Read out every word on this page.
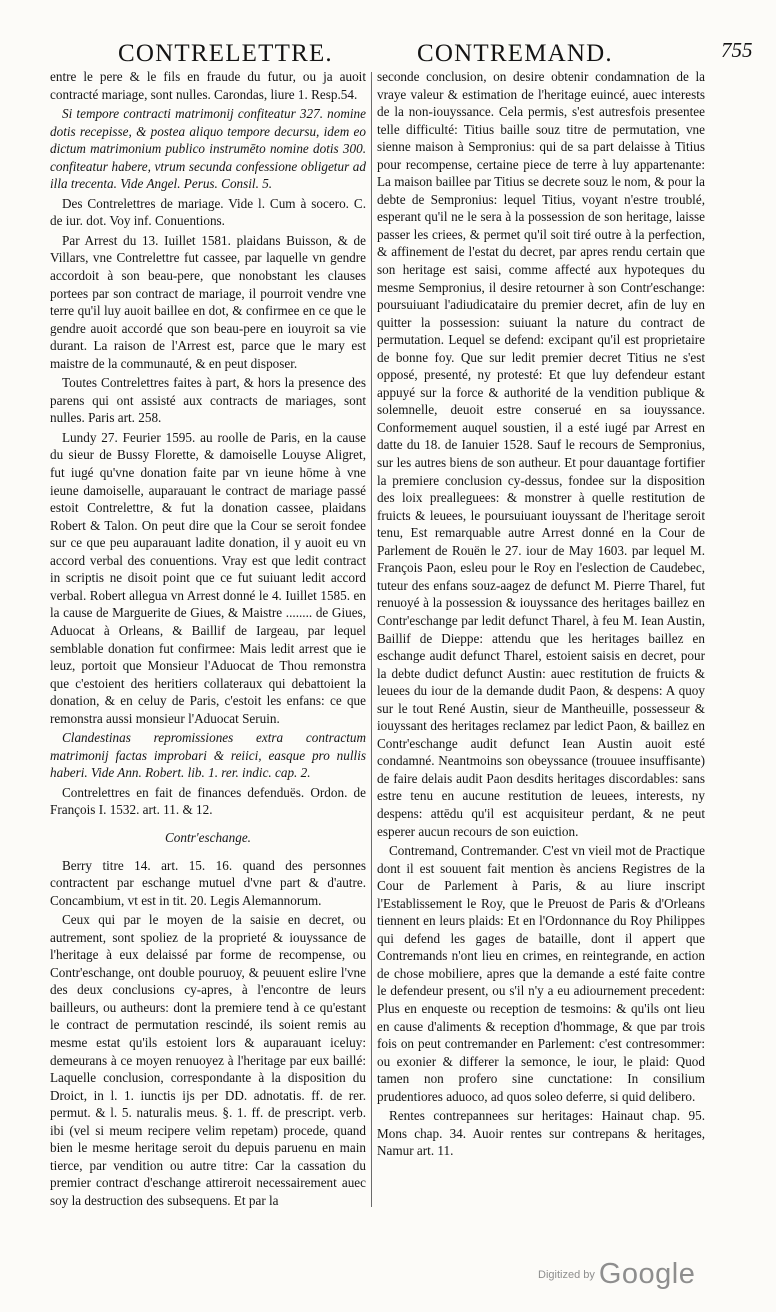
CONTRELETTRE.	CONTREMAND.	755

entre le pere & le fils en fraude du futur, ou ja auoit contracté mariage, sont nulles. Carondas, liure 1. Resp.54.

Si tempore contracti matrimonij confiteatur 327. nomine dotis recepisse, & postea aliquo tempore decursu, idem eo dictum matrimonium publico instrumēto nomine dotis 300. confiteatur habere, vtrum secunda confessione obligetur ad illa trecenta. Vide Angel. Perus. Consil. 5.

Des Contrelettres de mariage. Vide l. Cum à socero. C. de iur. dot. Voy inf. Conuentions.

Par Arrest du 13. Iuillet 1581. plaidans Buisson, & de Villars, vne Contrelettre fut cassee, par laquelle vn gendre accordoit à son beau-pere, que nonobstant les clauses portees par son contract de mariage, il pourroit vendre vne terre qu'il luy auoit baillee en dot, & confirmee en ce que le gendre auoit accordé que son beau-pere en iouyroit sa vie durant. La raison de l'Arrest est, parce que le mary est maistre de la communauté, & en peut disposer.

Toutes Contrelettres faites à part, & hors la presence des parens qui ont assisté aux contracts de mariages, sont nulles. Paris art. 258.

Lundy 27. Feurier 1595. au roolle de Paris, en la cause du sieur de Bussy Florette, & damoiselle Louyse Aligret, fut iugé qu'vne donation faite par vn ieune hōme à vne ieune damoiselle, auparauant le contract de mariage passé estoit Contrelettre, & fut la donation cassee, plaidans Robert & Talon. On peut dire que la Cour se seroit fondee sur ce que peu auparauant ladite donation, il y auoit eu vn accord verbal des conuentions. Vray est que ledit contract in scriptis ne disoit point que ce fut suiuant ledit accord verbal. Robert allegua vn Arrest donné le 4. Iuillet 1585. en la cause de Marguerite de Giues, & Maistre ........ de Giues, Aduocat à Orleans, & Baillif de Iargeau, par lequel semblable donation fut confirmee: Mais ledit arrest que ie leuz, portoit que Monsieur l'Aduocat de Thou remonstra que c'estoient des heritiers collateraux qui debattoient la donation, & en celuy de Paris, c'estoit les enfans: ce que remonstra aussi monsieur l'Aduocat Seruin.

Clandestinas repromissiones extra contractum matrimonij factas improbari & reiici, easque pro nullis haberi. Vide Ann. Robert. lib. 1. rer. indic. cap. 2.

Contrelettres en fait de finances defenduës. Ordon. de François I. 1532. art. 11. & 12.

Contr'eschange.

Berry titre 14. art. 15. 16. quand des personnes contractent par eschange mutuel d'vne part & d'autre. Concambium, vt est in tit. 20. Legis Alemannorum.

Ceux qui par le moyen de la saisie en decret, ou autrement, sont spoliez de la proprieté & iouyssance de l'heritage à eux delaissé par forme de recompense, ou Contr'eschange, ont double pouruoy, & peuuent eslire l'vne des deux conclusions cy-apres, à l'encontre de leurs bailleurs, ou autheurs: dont la premiere tend à ce qu'estant le contract de permutation rescindé, ils soient remis au mesme estat qu'ils estoient lors & auparauant iceluy: demeurans à ce moyen renuoyez à l'heritage par eux baillé: Laquelle conclusion, correspondante à la disposition du Droict, in l. 1. iunctis ijs per DD. adnotatis. ff. de rer. permut. & l. 5. naturalis meus. §. 1. ff. de prescript. verb. ibi (vel si meum recipere velim repetam) procede, quand bien le mesme heritage seroit du depuis paruenu en main tierce, par vendition ou autre titre: Car la cassation du premier contract d'eschange attireroit necessairement auec soy la destruction des subsequens. Et par la

seconde conclusion, on desire obtenir condamnation de la vraye valeur & estimation de l'heritage euincé, auec interests de la non-iouyssance. Cela permis, s'est autresfois presentee telle difficulté: Titius baille souz titre de permutation, vne sienne maison à Sempronius: qui de sa part delaisse à Titius pour recompense, certaine piece de terre à luy appartenante: La maison baillee par Titius se decrete souz le nom, & pour la debte de Sempronius: lequel Titius, voyant n'estre troublé, esperant qu'il ne le sera à la possession de son heritage, laisse passer les criees, & permet qu'il soit tiré outre à la perfection, & affinement de l'estat du decret, par apres rendu certain que son heritage est saisi, comme affecté aux hypoteques du mesme Sempronius, il desire retourner à son Contr'eschange: poursuiuant l'adiudicataire du premier decret, afin de luy en quitter la possession: suiuant la nature du contract de permutation. Lequel se defend: excipant qu'il est proprietaire de bonne foy. Que sur ledit premier decret Titius ne s'est opposé, presenté, ny protesté: Et que luy defendeur estant appuyé sur la force & authorité de la vendition publique & solemnelle, deuoit estre conserué en sa iouyssance. Conformement auquel soustien, il a esté iugé par Arrest en datte du 18. de Ianuier 1528. Sauf le recours de Sempronius, sur les autres biens de son autheur. Et pour dauantage fortifier la premiere conclusion cy-dessus, fondee sur la disposition des loix prealleguees: & monstrer à quelle restitution de fruicts & leuees, le poursuiuant iouyssant de l'heritage seroit tenu, Est remarquable autre Arrest donné en la Cour de Parlement de Rouën le 27. iour de May 1603. par lequel M. François Paon, esleu pour le Roy en l'eslection de Caudebec, tuteur des enfans souz-aagez de defunct M. Pierre Tharel, fut renuoyé à la possession & iouyssance des heritages baillez en Contr'eschange par ledit defunct Tharel, à feu M. Iean Austin, Baillif de Dieppe: attendu que les heritages baillez en eschange audit defunct Tharel, estoient saisis en decret, pour la debte dudict defunct Austin: auec restitution de fruicts & leuees du iour de la demande dudit Paon, & despens: A quoy sur le tout René Austin, sieur de Mantheuille, possesseur & iouyssant des heritages reclamez par ledict Paon, & baillez en Contr'eschange audit defunct Iean Austin auoit esté condamné. Neantmoins son obeyssance (trouuee insuffisante) de faire delais audit Paon desdits heritages discordables: sans estre tenu en aucune restitution de leuees, interests, ny despens: attēdu qu'il est acquisiteur perdant, & ne peut esperer aucun recours de son euiction.

Contremand, Contremander. C'est vn vieil mot de Practique dont il est souuent fait mention ès anciens Registres de la Cour de Parlement à Paris, & au liure inscript l'Establissement le Roy, que le Preuost de Paris & d'Orleans tiennent en leurs plaids: Et en l'Ordonnance du Roy Philippes qui defend les gages de bataille, dont il appert que Contremands n'ont lieu en crimes, en reintegrande, en action de chose mobiliere, apres que la demande a esté faite contre le defendeur present, ou s'il n'y a eu adiournement precedent: Plus en enqueste ou reception de tesmoins: & qu'ils ont lieu en cause d'aliments & reception d'hommage, & que par trois fois on peut contremander en Parlement: c'est contresommer: ou exonier & differer la semonce, le iour, le plaid: Quod tamen non profero sine cunctatione: In consilium prudentiores aduoco, ad quos soleo deferre, si quid delibero.

Rentes contrepannees sur heritages: Hainaut chap. 95. Mons chap. 34. Auoir rentes sur contrepans & heritages, Namur art. 11.

Digitized by Google
